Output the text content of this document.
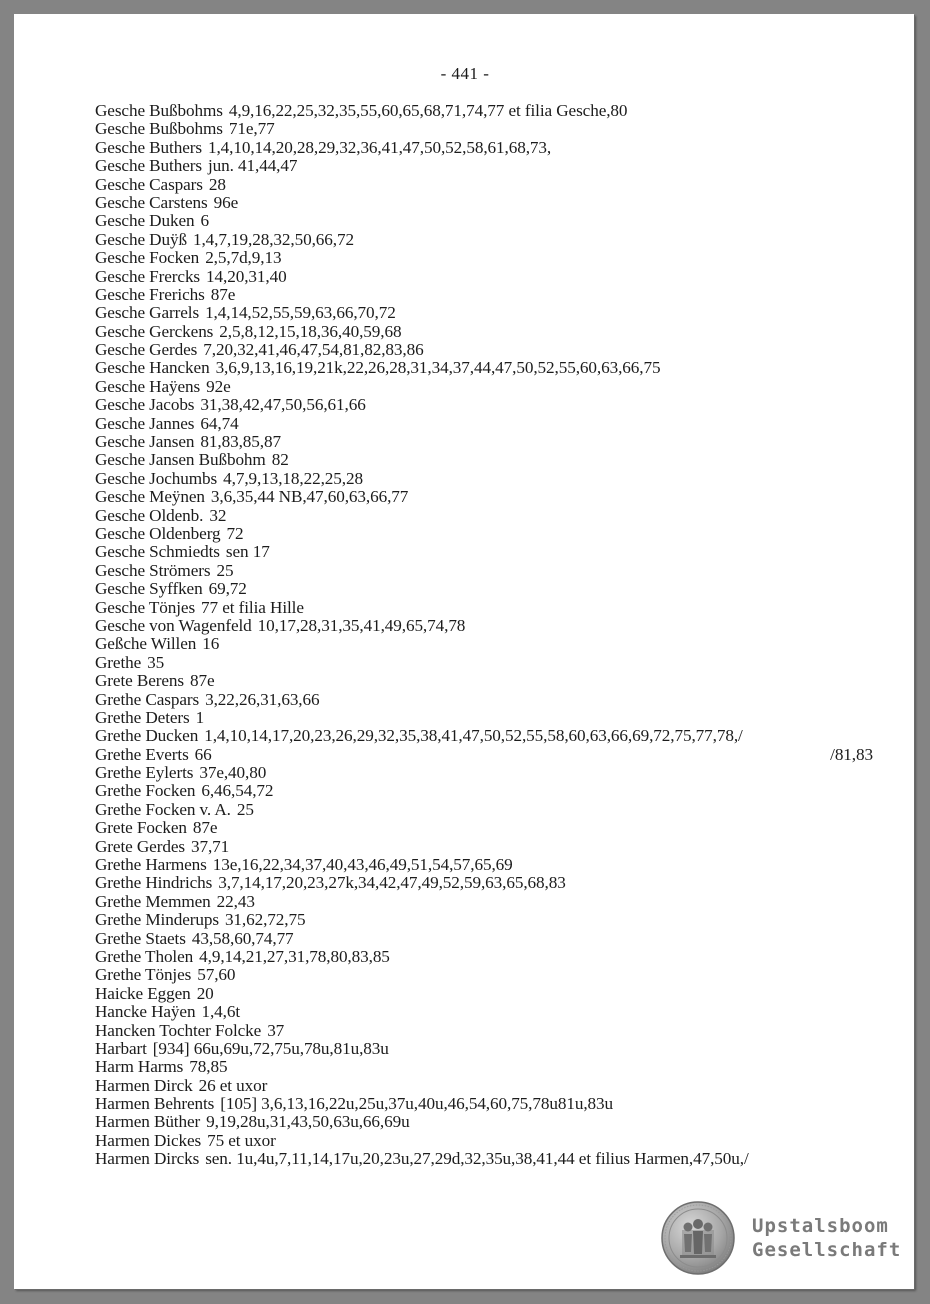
- 441 -
Gesche Bußbohms 4,9,16,22,25,32,35,55,60,65,68,71,74,77 et filia Gesche,80
Gesche Bußbohms 71e,77
Gesche Buthers 1,4,10,14,20,28,29,32,36,41,47,50,52,58,61,68,73,
Gesche Buthers jun. 41,44,47
Gesche Caspars 28
Gesche Carstens 96e
Gesche Duken 6
Gesche Duÿß 1,4,7,19,28,32,50,66,72
Gesche Focken 2,5,7d,9,13
Gesche Frercks 14,20,31,40
Gesche Frerichs 87e
Gesche Garrels 1,4,14,52,55,59,63,66,70,72
Gesche Gerckens 2,5,8,12,15,18,36,40,59,68
Gesche Gerdes 7,20,32,41,46,47,54,81,82,83,86
Gesche Hancken 3,6,9,13,16,19,21k,22,26,28,31,34,37,44,47,50,52,55,60,63,66,75
Gesche Haÿens 92e
Gesche Jacobs 31,38,42,47,50,56,61,66
Gesche Jannes 64,74
Gesche Jansen 81,83,85,87
Gesche Jansen Bußbohm 82
Gesche Jochumbs 4,7,9,13,18,22,25,28
Gesche Meÿnen 3,6,35,44 NB,47,60,63,66,77
Gesche Oldenb. 32
Gesche Oldenberg 72
Gesche Schmiedts sen 17
Gesche Strömers 25
Gesche Syffken 69,72
Gesche Tönjes 77 et filia Hille
Gesche von Wagenfeld 10,17,28,31,35,41,49,65,74,78
Geßche Willen 16
Grethe 35
Grete Berens 87e
Grethe Caspars 3,22,26,31,63,66
Grethe Deters 1
Grethe Ducken 1,4,10,14,17,20,23,26,29,32,35,38,41,47,50,52,55,58,60,63,66,69,72,75,77,78,/
Grethe Everts 66	/81,83
Grethe Eylerts 37e,40,80
Grethe Focken 6,46,54,72
Grethe Focken v. A. 25
Grete Focken 87e
Grete Gerdes 37,71
Grethe Harmens 13e,16,22,34,37,40,43,46,49,51,54,57,65,69
Grethe Hindrichs 3,7,14,17,20,23,27k,34,42,47,49,52,59,63,65,68,83
Grethe Memmen 22,43
Grethe Minderups 31,62,72,75
Grethe Staets 43,58,60,74,77
Grethe Tholen 4,9,14,21,27,31,78,80,83,85
Grethe Tönjes 57,60
Haicke Eggen 20
Hancke Haÿen 1,4,6t
Hancken Tochter Folcke 37
Harbart [934] 66u,69u,72,75u,78u,81u,83u
Harm Harms 78,85
Harmen Dirck 26 et uxor
Harmen Behrents [105] 3,6,13,16,22u,25u,37u,40u,46,54,60,75,78u81u,83u
Harmen Büther 9,19,28u,31,43,50,63u,66,69u
Harmen Dickes 75 et uxor
Harmen Dircks sen. 1u,4u,7,11,14,17u,20,23u,27,29d,32,35u,38,41,44 et filius Harmen,47,50u,/
Upstalsboom
Gesellschaft
